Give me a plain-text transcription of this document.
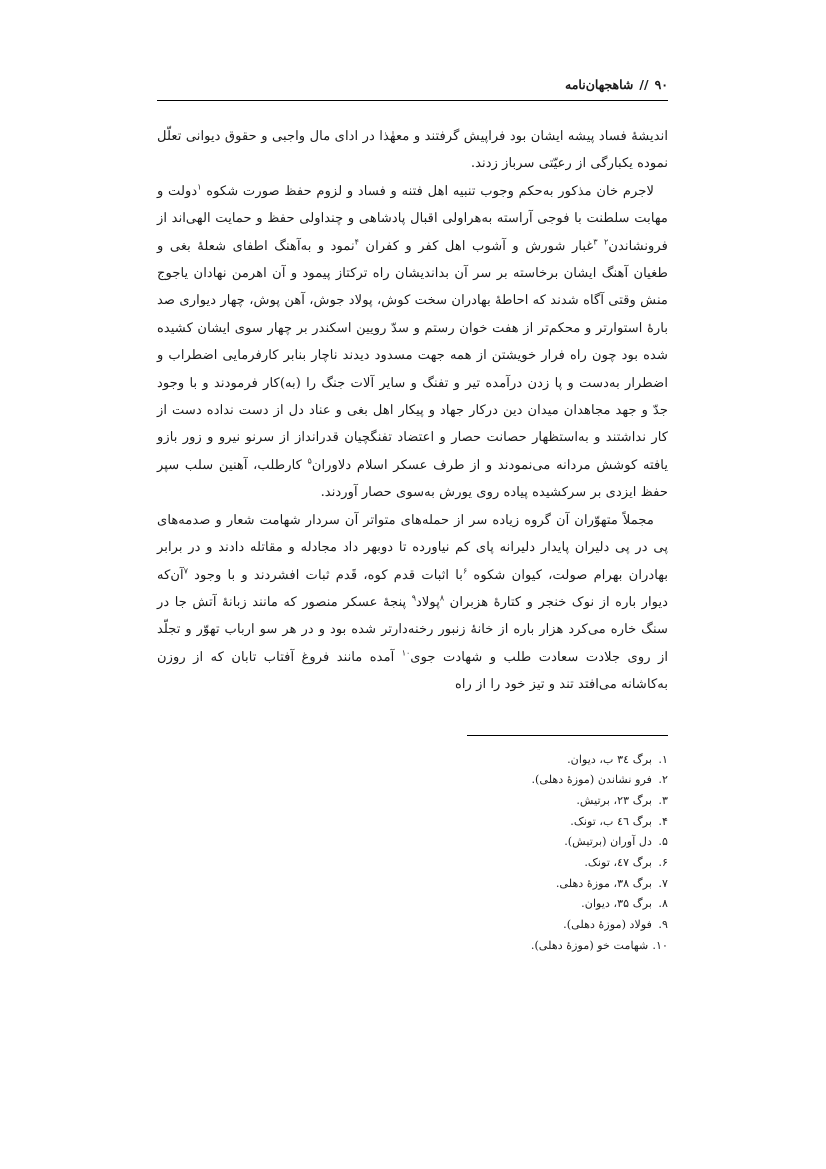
۹۰
//
شاهجهان‌نامه

اندیشهٔ فساد پیشه ایشان بود فراپیش گرفتند و معهٰذا در ادای مال واجبی و حقوق دیوانی تعلّل نموده یکبارگی از رعیّتی سرباز زدند.

لاجرم خان مذکور به‌حکم وجوب تنبیه اهل فتنه و فساد و لزوم حفظ صورت شکوه $^۱$دولت و مهابت سلطنت با فوجی آراسته به‌هراولی اقبال پادشاهی و چنداولی حفظ و حمایت الهی‌اند از فرونشاندن$^۲$ $^۳$غبار شورش و آشوب اهل کفر و کفران $^۴$نمود و به‌آهنگ اطفای شعلهٔ بغی و طغیان آهنگ ایشان برخاسته بر سر آن بداندیشان راه ترکتاز پیمود و آن اهرمن نهادان یاجوج منش وقتی آگاه شدند که احاطهٔ بهادران سخت کوش، پولاد جوش، آهن پوش، چهار دیواری صد بارهٔ استوارتر و محکم‌تر از هفت خوان رستم و سدّ رویین اسکندر بر چهار سوی ایشان کشیده شده بود چون راه فرار خویشتن از همه جهت مسدود دیدند ناچار بنابر کارفرمایی اضطراب و اضطرار به‌دست و پا زدن درآمده تیر و تفنگ و سایر آلات جنگ را (به)کار فرمودند و با وجود جدّ و جهد مجاهدان میدان دین درکار جهاد و پیکار اهل بغی و عناد دل از دست نداده دست از کار نداشتند و به‌استظهار حصانت حصار و اعتضاد تفنگچیان قدرانداز از سرنو نیرو و زور بازو یافته کوشش مردانه می‌نمودند و از طرف عسکر اسلام دلاوران$^۵$ کارطلب، آهنین سلب سپر حفظ ایزدی بر سرکشیده پیاده روی یورش به‌سوی حصار آوردند.

مجملاً متهوّران آن گروه زیاده سر از حمله‌های متواتر آن سردار شهامت شعار و صدمه‌های پی در پی دلیران پایدار دلیرانه پای کم نیاورده تا دوبهر داد مجادله و مقاتله دادند و در برابر بهادران بهرام صولت، کیوان شکوه $^۶$با اثبات قدم کوه، قَدم ثبات افشردند و با وجود $^۷$آن‌که دیوار باره از نوک خنجر و کتارهٔ هزبران $^۸$پولاد$^۹$ پنجهٔ عسکر منصور که مانند زبانهٔ آتش جا در سنگ خاره می‌کرد هزار باره از خانهٔ زنبور رخنه‌دارتر شده بود و در هر سو ارباب تهوّر و تجلّد از روی جلادت سعادت طلب و شهادت جوی$^{۱۰}$ آمده مانند فروغ آفتاب تابان که از روزن به‌کاشانه می‌افتد تند و تیز خود را از راه

۱.
برگ ۳٤ ب، دیوان.
۲.
فرو نشاندن (موزهٔ دهلی).
۳.
برگ ۲۳، برتیش.
۴.
برگ ٤٦ ب، تونک.
۵.
دل آوران (برتیش).
۶.
برگ ٤٧، تونک.
۷.
برگ ۳۸، موزهٔ دهلی.
۸.
برگ ۳۵، دیوان.
۹.
فولاد (موزهٔ دهلی).
۱۰.
شهامت خو (موزهٔ دهلی).
